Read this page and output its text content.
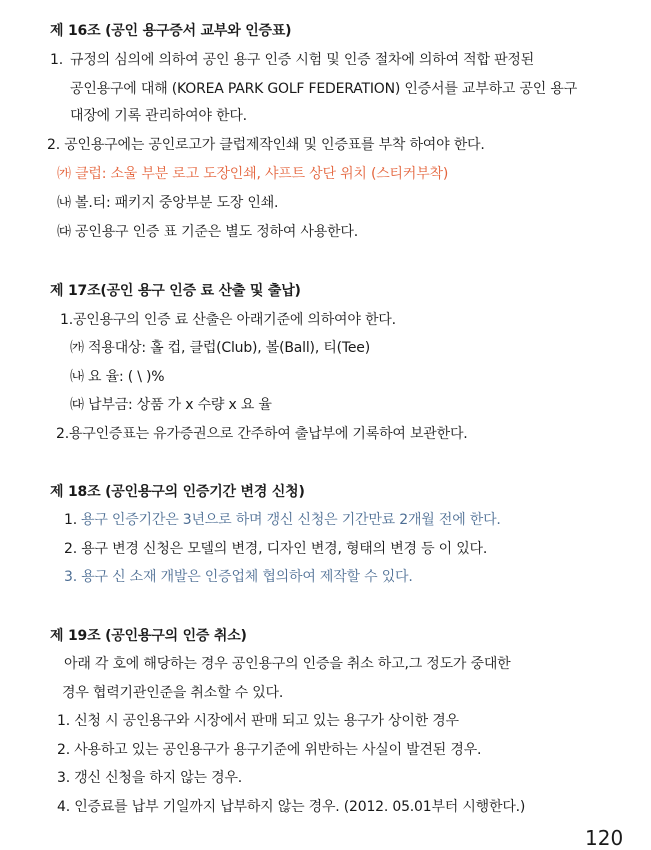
제 16조 (공인 용구증서 교부와 인증표)
1. 규정의 심의에 의하여 공인 용구 인증 시험 및 인증 절차에 의하여 적합 판정된
공인용구에 대해 (KOREA PARK GOLF FEDERATION) 인증서를 교부하고 공인 용구
대장에 기록 관리하여야 한다.
2. 공인용구에는 공인로고가 클럽제작인쇄 및 인증표를 부착 하여야 한다.
㈎ 클럽: 소울 부분 로고 도장인쇄, 샤프트 상단 위치 (스티커부착)
㈏ 볼.티: 패키지 중앙부분 도장 인쇄.
㈐ 공인용구 인증 표 기준은 별도 정하여 사용한다.
제 17조(공인 용구 인증 료 산출 및 출납)
1.공인용구의 인증 료 산출은 아래기준에 의하여야 한다.
㈎ 적용대상: 홀 컵, 클럽(Club), 볼(Ball), 티(Tee)
㈏ 요 율: ( \ )%
㈐ 납부금: 상품 가 x 수량 x 요 율
2.용구인증표는 유가증권으로 간주하여 출납부에 기록하여 보관한다.
제 18조 (공인용구의 인증기간 변경 신청)
1. 용구 인증기간은 3년으로 하며 갱신 신청은 기간만료 2개월 전에 한다.
2. 용구 변경 신청은 모델의 변경, 디자인 변경, 형태의 변경 등 이 있다.
3. 용구 신 소재 개발은 인증업체 협의하여 제작할 수 있다.
제 19조 (공인용구의 인증 취소)
아래 각 호에 해당하는 경우 공인용구의 인증을 취소 하고,그 정도가 중대한
경우 협력기관인준을 취소할 수 있다.
1. 신청 시 공인용구와 시장에서 판매 되고 있는 용구가 상이한 경우
2. 사용하고 있는 공인용구가 용구기준에 위반하는 사실이 발견된 경우.
3. 갱신 신청을 하지 않는 경우.
4. 인증료를 납부 기일까지 납부하지 않는 경우. (2012. 05.01부터 시행한다.)
120
